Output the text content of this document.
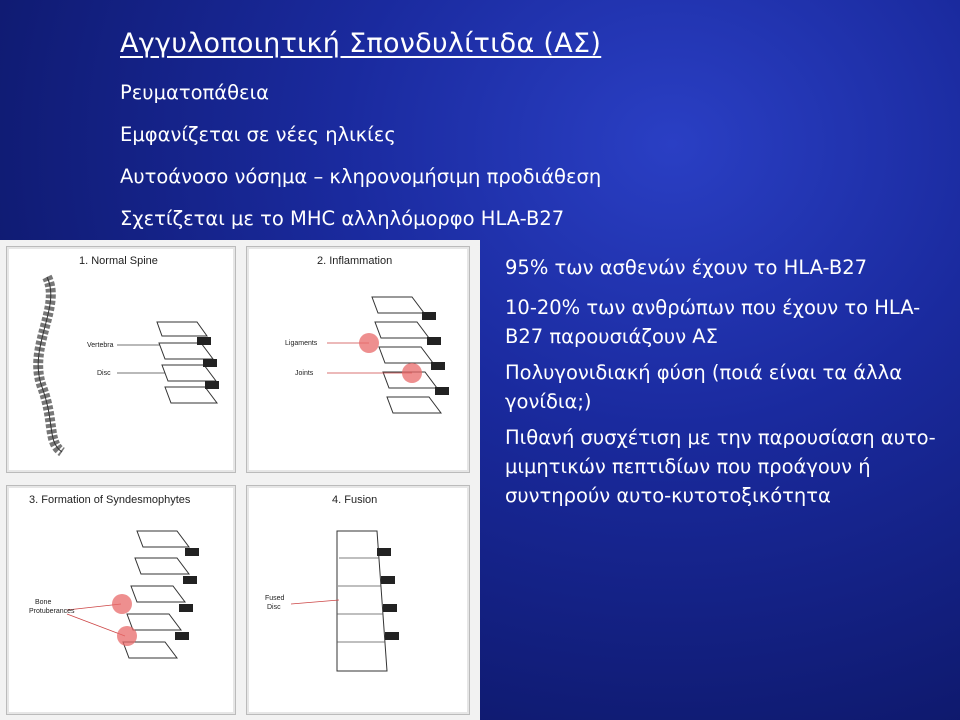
Αγγυλοποιητική Σπονδυλίτιδα (ΑΣ)
Ρευματοπάθεια
Εμφανίζεται σε νέες ηλικίες
Αυτοάνοσο νόσημα – κληρονομήσιμη προδιάθεση
Σχετίζεται με το MHC αλληλόμορφο HLA-B27
95% των ασθενών έχουν το HLA-B27
10-20% των ανθρώπων που έχουν το HLA-B27 παρουσιάζουν ΑΣ
Πολυγονιδιακή φύση (ποιά είναι τα άλλα γονίδια;)
Πιθανή συσχέτιση με την παρουσίαση αυτο-μιμητικών πεπτιδίων που προάγουν ή συντηρούν αυτο-κυτοτοξικότητα
1. Normal Spine
Vertebra
Disc
2. Inflammation
Ligaments
Joints
3. Formation of Syndesmophytes
Bone
Protuberances
4. Fusion
Fused
Disc
